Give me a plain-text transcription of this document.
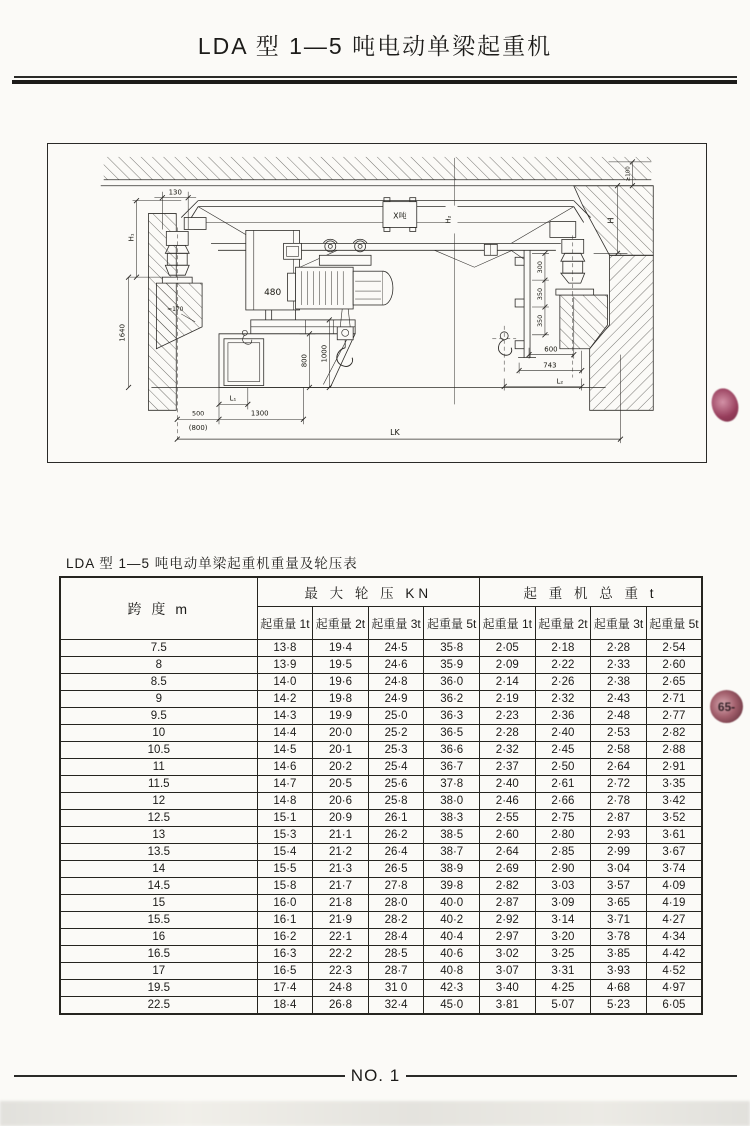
LDA 型 1—5 吨电动单梁起重机
130
H₁
1640
≈170
480
X吨	H₂
800 1000
L₁
500	1300
(800)	LK
300
350
350
600
743
L₂
H
≥100
LDA 型 1—5 吨电动单梁起重机重量及轮压表
跨 度 m	最 大 轮 压 KN				起 重 机 总 重 t			
	起重量 1t	起重量 2t	起重量 3t	起重量 5t	起重量 1t	起重量 2t	起重量 3t	起重量 5t
7.5	13·8	19·4	24·5	35·8	2·05	2·18	2·28	2·54
8	13·9	19·5	24·6	35·9	2·09	2·22	2·33	2·60
8.5	14·0	19·6	24·8	36·0	2·14	2·26	2·38	2·65
9	14·2	19·8	24·9	36·2	2·19	2·32	2·43	2·71
9.5	14·3	19·9	25·0	36·3	2·23	2·36	2·48	2·77
10	14·4	20·0	25·2	36·5	2·28	2·40	2·53	2·82
10.5	14·5	20·1	25·3	36·6	2·32	2·45	2·58	2·88
11	14·6	20·2	25·4	36·7	2·37	2·50	2·64	2·91
11.5	14·7	20·5	25·6	37·8	2·40	2·61	2·72	3·35
12	14·8	20·6	25·8	38·0	2·46	2·66	2·78	3·42
12.5	15·1	20·9	26·1	38·3	2·55	2·75	2·87	3·52
13	15·3	21·1	26·2	38·5	2·60	2·80	2·93	3·61
13.5	15·4	21·2	26·4	38·7	2·64	2·85	2·99	3·67
14	15·5	21·3	26·5	38·9	2·69	2·90	3·04	3·74
14.5	15·8	21·7	27·8	39·8	2·82	3·03	3·57	4·09
15	16·0	21·8	28·0	40·0	2·87	3·09	3·65	4·19
15.5	16·1	21·9	28·2	40·2	2·92	3·14	3·71	4·27
16	16·2	22·1	28·4	40·4	2·97	3·20	3·78	4·34
16.5	16·3	22·2	28·5	40·6	3·02	3·25	3·85	4·42
17	16·5	22·3	28·7	40·8	3·07	3·31	3·93	4·52
19.5	17·4	24·8	31 0	42·3	3·40	4·25	4·68	4·97
22.5	18·4	26·8	32·4	45·0	3·81	5·07	5·23	6·05
NO. 1
65-
